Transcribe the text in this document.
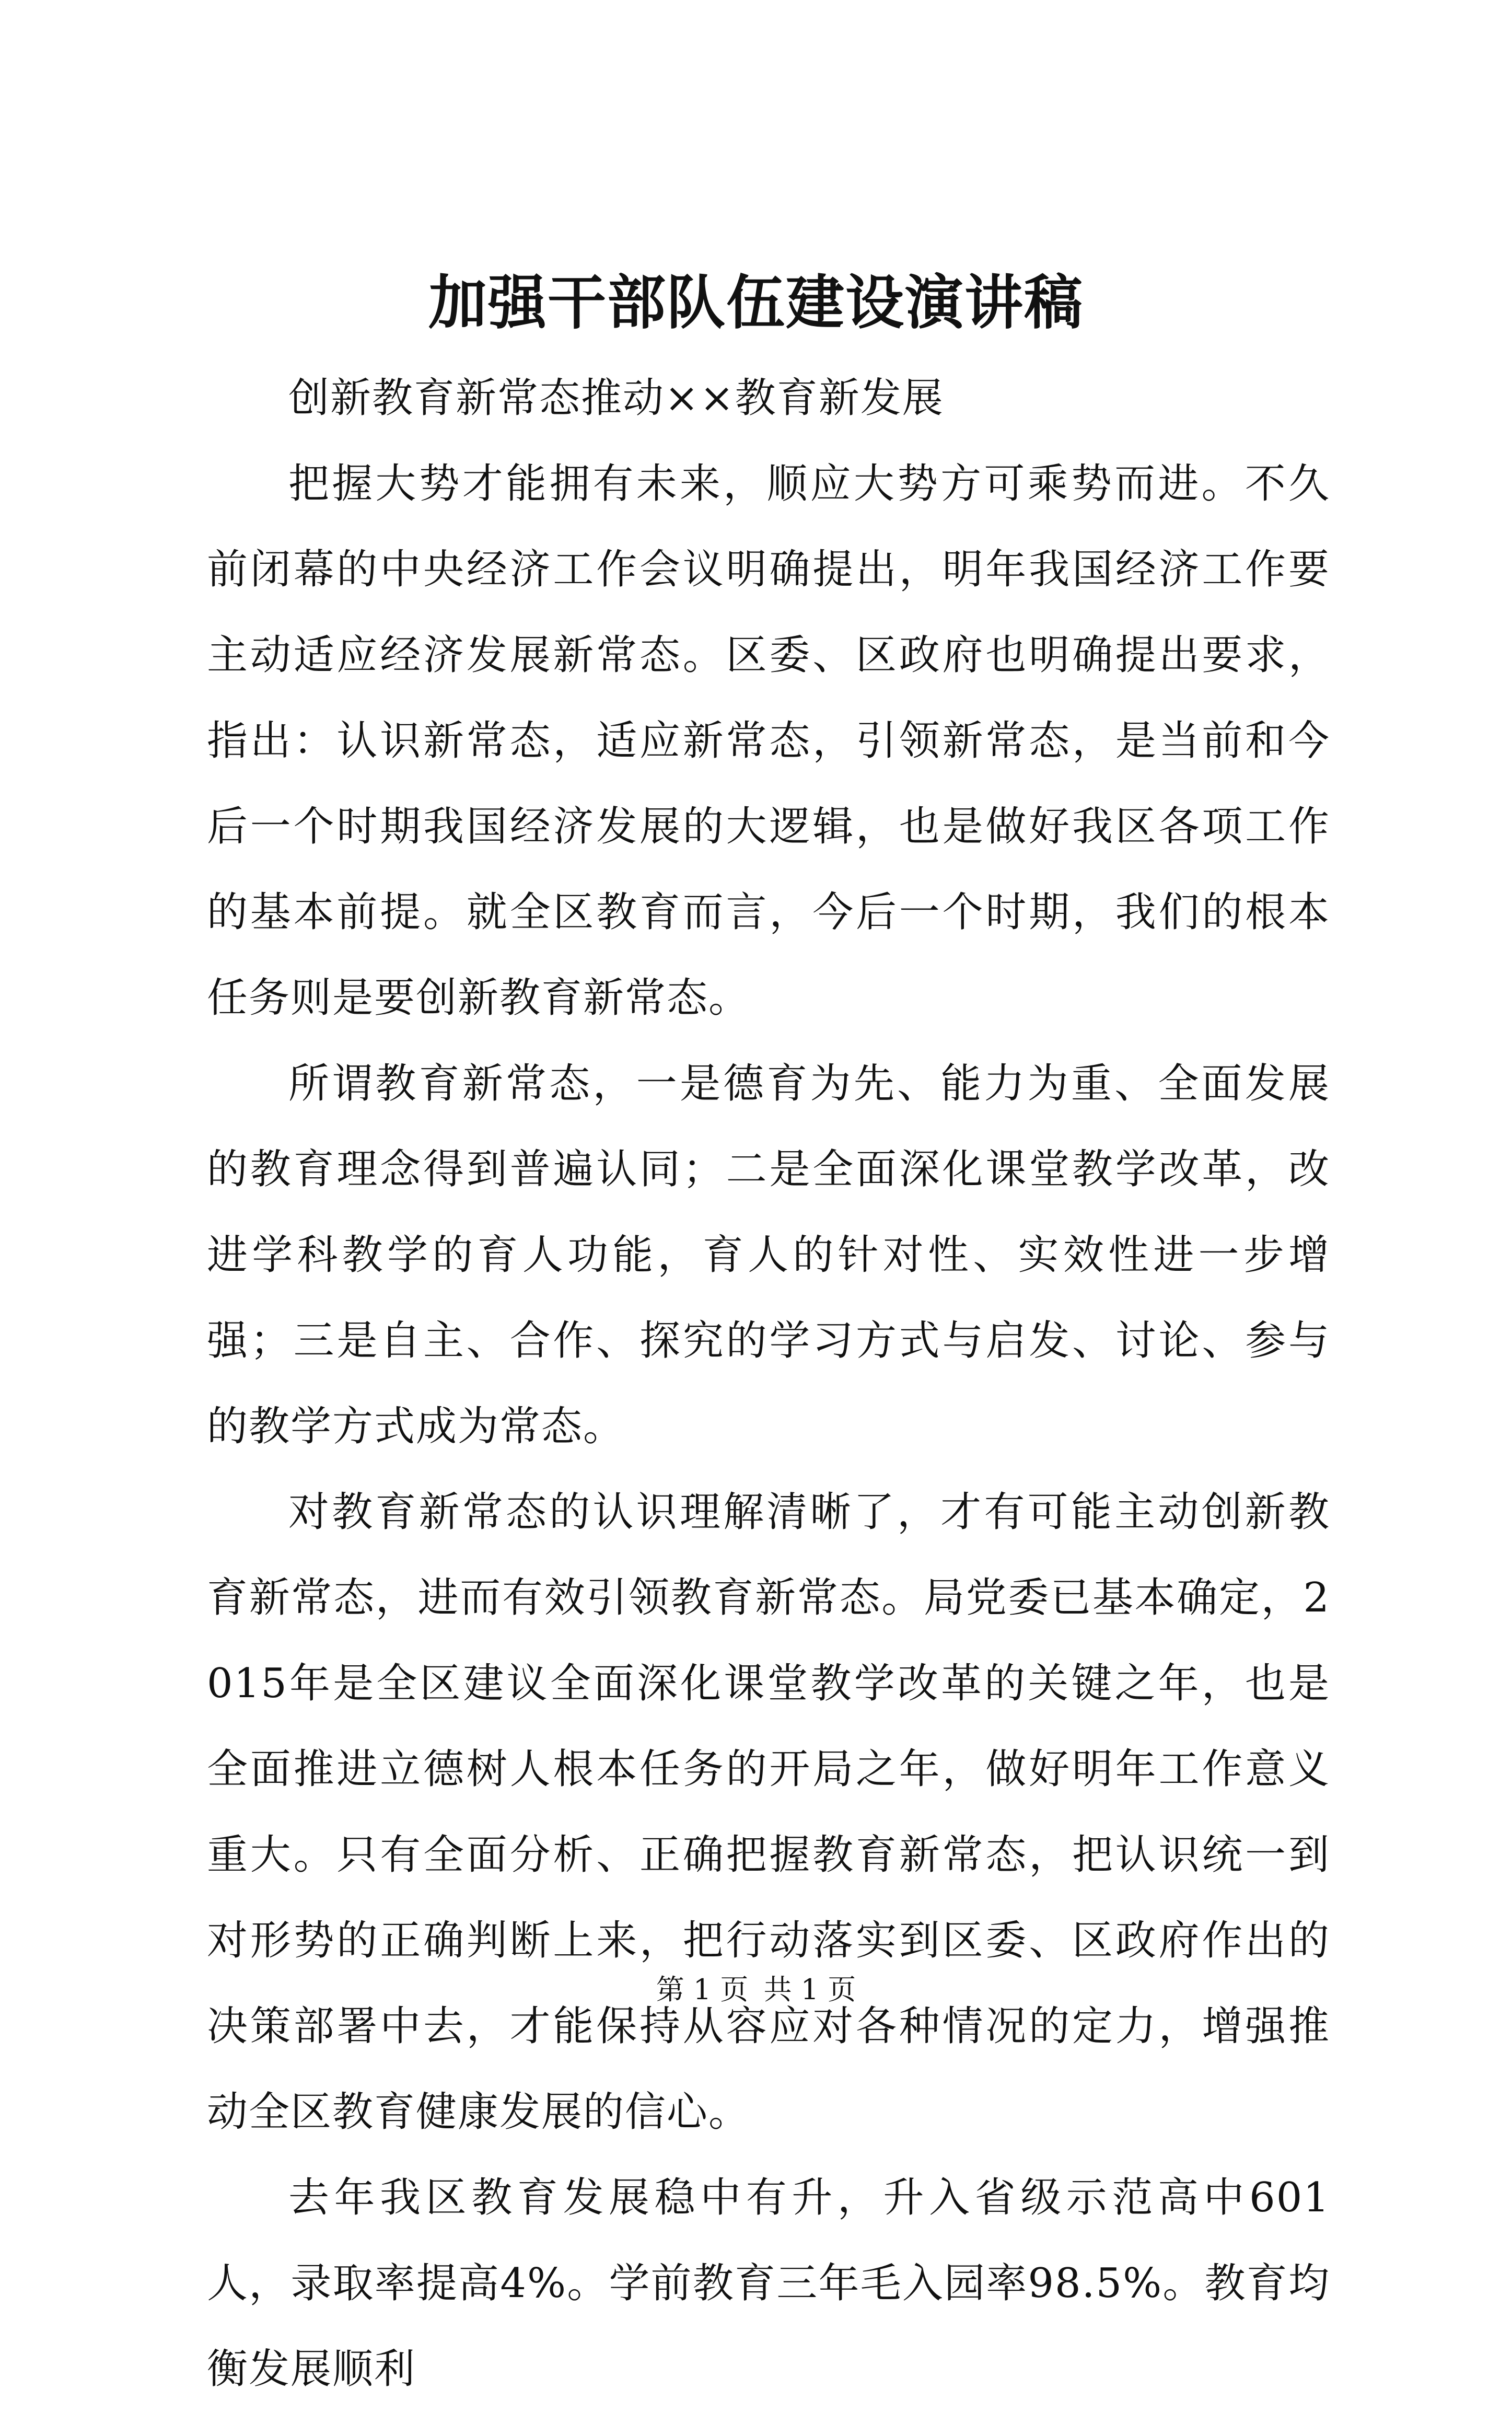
加强干部队伍建设演讲稿

创新教育新常态推动××教育新发展

把握大势才能拥有未来，顺应大势方可乘势而进。不久前闭幕的中央经济工作会议明确提出，明年我国经济工作要主动适应经济发展新常态。区委、区政府也明确提出要求，指出：认识新常态，适应新常态，引领新常态，是当前和今后一个时期我国经济发展的大逻辑，也是做好我区各项工作的基本前提。就全区教育而言，今后一个时期，我们的根本任务则是要创新教育新常态。

所谓教育新常态，一是德育为先、能力为重、全面发展的教育理念得到普遍认同；二是全面深化课堂教学改革，改进学科教学的育人功能，育人的针对性、实效性进一步增强；三是自主、合作、探究的学习方式与启发、讨论、参与的教学方式成为常态。

对教育新常态的认识理解清晰了，才有可能主动创新教育新常态，进而有效引领教育新常态。局党委已基本确定，2015年是全区建议全面深化课堂教学改革的关键之年，也是全面推进立德树人根本任务的开局之年，做好明年工作意义重大。只有全面分析、正确把握教育新常态，把认识统一到对形势的正确判断上来，把行动落实到区委、区政府作出的决策部署中去，才能保持从容应对各种情况的定力，增强推动全区教育健康发展的信心。

去年我区教育发展稳中有升，升入省级示范高中601人，录取率提高4%。学前教育三年毛入园率98.5%。教育均衡发展顺利

第 1 页 共 1 页
